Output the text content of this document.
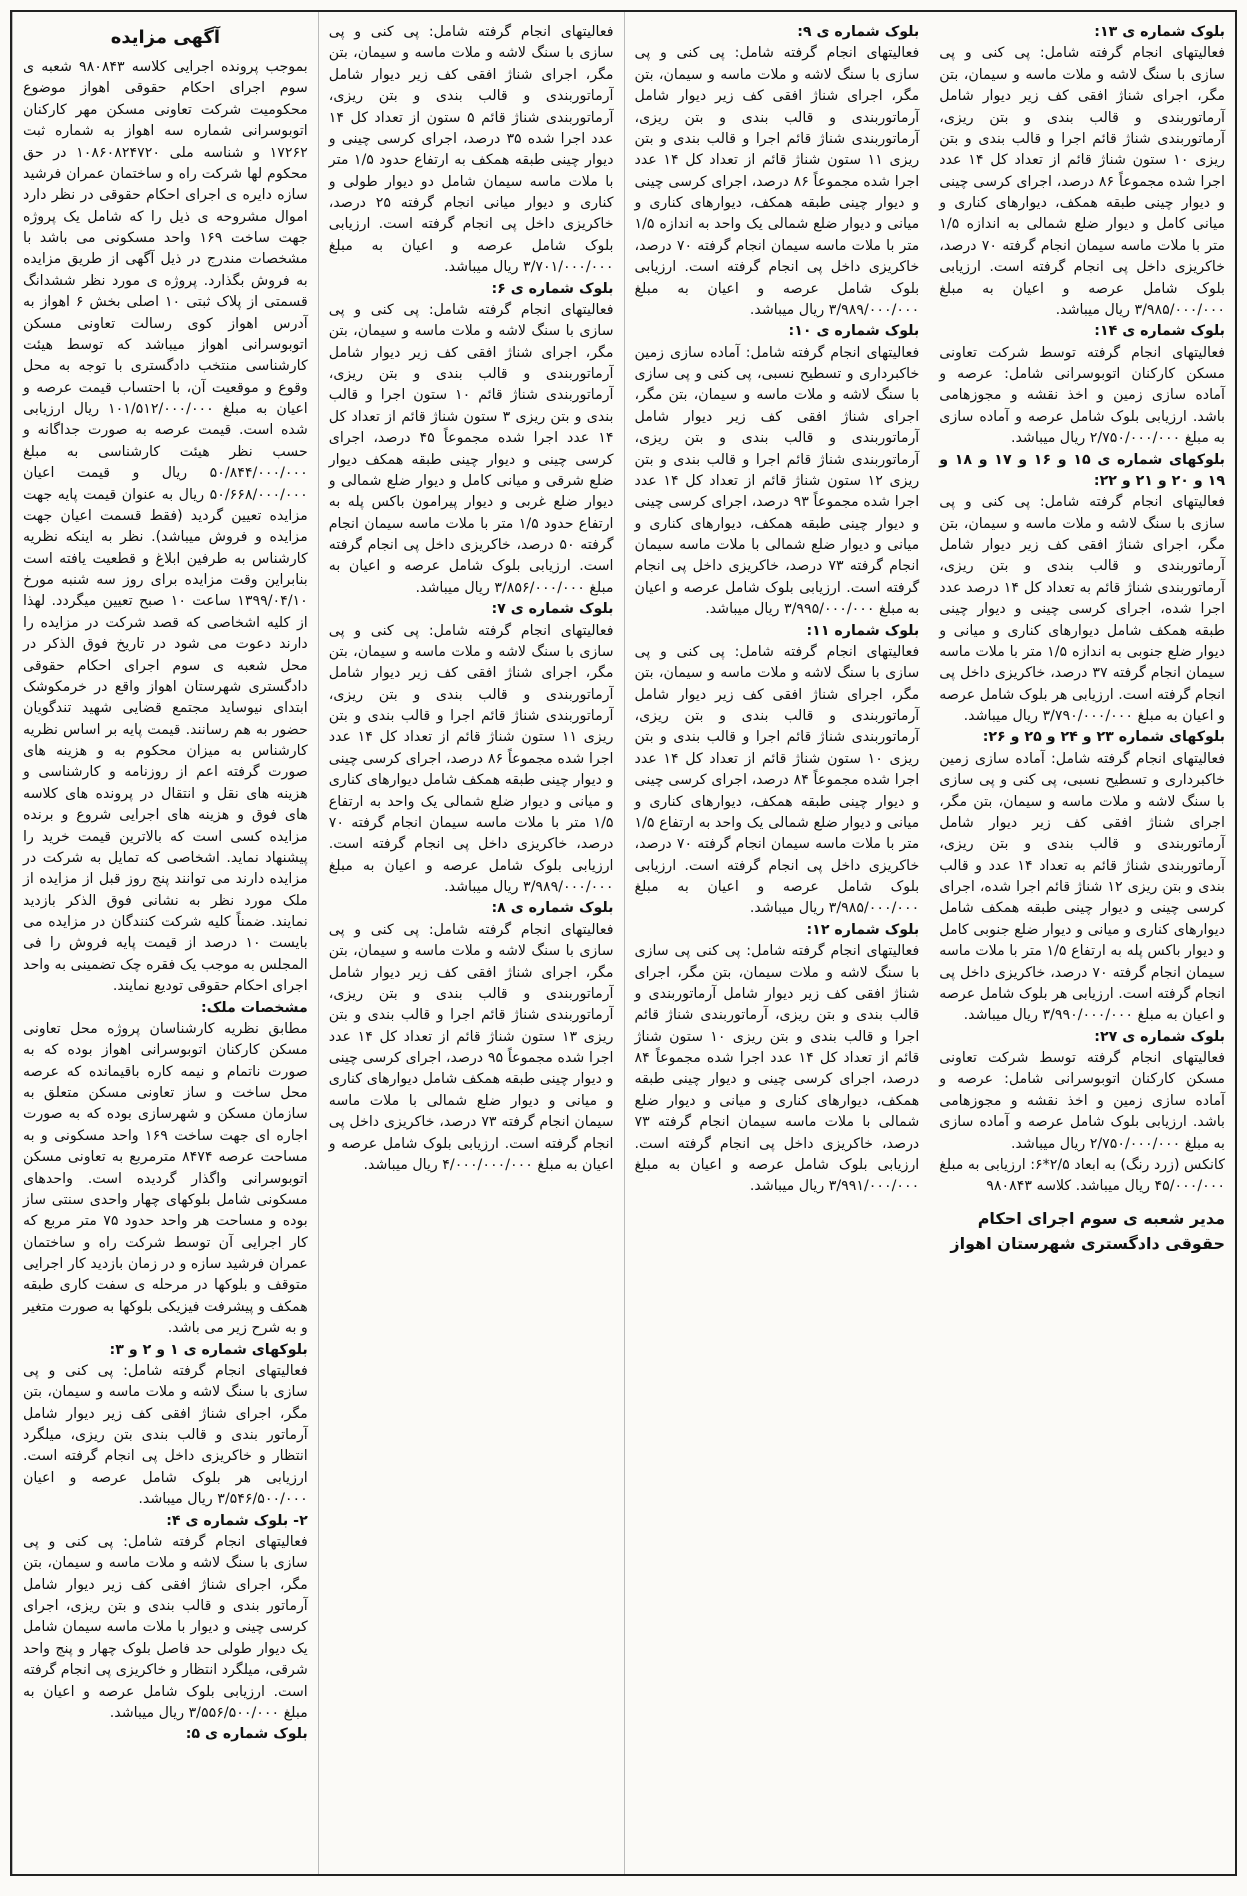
آگهی مزایده

بموجب پرونده اجرایی کلاسه ۹۸۰۸۴۳ شعبه ی سوم اجرای احکام حقوقی اهواز موضوع محکومیت شرکت تعاونی مسکن مهر کارکنان اتوبوسرانی شماره سه اهواز به شماره ثبت ۱۷۲۶۲ و شناسه ملی ۱۰۸۶۰۸۲۴۷۲۰ در حق محکوم لها شرکت راه و ساختمان عمران فرشید سازه دایره ی اجرای احکام حقوقی در نظر دارد اموال مشروحه ی ذیل را که شامل یک پروژه جهت ساخت ۱۶۹ واحد مسکونی می باشد با مشخصات مندرج در ذیل آگهی از طریق مزایده به فروش بگذارد. پروژه ی مورد نظر ششدانگ قسمتی از پلاک ثبتی ۱۰ اصلی بخش ۶ اهواز به آدرس اهواز کوی رسالت تعاونی مسکن اتوبوسرانی اهواز میباشد که توسط هیئت کارشناسی منتخب دادگستری با توجه به محل وقوع و موقعیت آن، با احتساب قیمت عرصه و اعیان به مبلغ ۱۰۱/۵۱۲/۰۰۰/۰۰۰ ریال ارزیابی شده است. قیمت عرصه به صورت جداگانه و حسب نظر هیئت کارشناسی به مبلغ ۵۰/۸۴۴/۰۰۰/۰۰۰ ریال و قیمت اعیان ۵۰/۶۶۸/۰۰۰/۰۰۰ ریال به عنوان قیمت پایه جهت مزایده تعیین گردید (فقط قسمت اعیان جهت مزایده و فروش میباشد). نظر به اینکه نظریه کارشناس به طرفین ابلاغ و قطعیت یافته است بنابراین وقت مزایده برای روز سه شنبه مورخ ۱۳۹۹/۰۴/۱۰ ساعت ۱۰ صبح تعیین میگردد. لهذا از کلیه اشخاصی که قصد شرکت در مزایده را دارند دعوت می شود در تاریخ فوق الذکر در محل شعبه ی سوم اجرای احکام حقوقی دادگستری شهرستان اهواز واقع در خرمکوشک ابتدای نیوساید مجتمع قضایی شهید تندگویان حضور به هم رسانند. قیمت پایه بر اساس نظریه کارشناس به میزان محکوم به و هزینه های صورت گرفته اعم از روزنامه و کارشناسی و هزینه های نقل و انتقال در پرونده های کلاسه های فوق و هزینه های اجرایی شروع و برنده مزایده کسی است که بالاترین قیمت خرید را پیشنهاد نماید. اشخاصی که تمایل به شرکت در مزایده دارند می توانند پنج روز قبل از مزایده از ملک مورد نظر به نشانی فوق الذکر بازدید نمایند. ضمناً کلیه شرکت کنندگان در مزایده می بایست ۱۰ درصد از قیمت پایه فروش را فی المجلس به موجب یک فقره چک تضمینی به واحد اجرای احکام حقوقی تودیع نمایند.

مشخصات ملک:

مطابق نظریه کارشناسان پروژه محل تعاونی مسکن کارکنان اتوبوسرانی اهواز بوده که به صورت ناتمام و نیمه کاره باقیمانده که عرصه محل ساخت و ساز تعاونی مسکن متعلق به سازمان مسکن و شهرسازی بوده که به صورت اجاره ای جهت ساخت ۱۶۹ واحد مسکونی و به مساحت عرصه ۸۴۷۴ مترمربع به تعاونی مسکن اتوبوسرانی واگذار گردیده است. واحدهای مسکونی شامل بلوکهای چهار واحدی سنتی ساز بوده و مساحت هر واحد حدود ۷۵ متر مربع که کار اجرایی آن توسط شرکت راه و ساختمان عمران فرشید سازه و در زمان بازدید کار اجرایی متوقف و بلوکها در مرحله ی سفت کاری طبقه همکف و پیشرفت فیزیکی بلوکها به صورت متغیر و به شرح زیر می باشد.

بلوکهای شماره ی ۱ و ۲ و ۳:

فعالیتهای انجام گرفته شامل: پی کنی و پی سازی با سنگ لاشه و ملات ماسه و سیمان، بتن مگر، اجرای شناژ افقی کف زیر دیوار شامل آرماتور بندی و قالب بندی بتن ریزی، میلگرد انتظار و خاکریزی داخل پی انجام گرفته است. ارزیابی هر بلوک شامل عرصه و اعیان ۳/۵۴۶/۵۰۰/۰۰۰ ریال میباشد.

۲- بلوک شماره ی ۴:

فعالیتهای انجام گرفته شامل: پی کنی و پی سازی با سنگ لاشه و ملات ماسه و سیمان، بتن مگر، اجرای شناژ افقی کف زیر دیوار شامل آرماتور بندی و قالب بندی و بتن ریزی، اجرای کرسی چینی و دیوار با ملات ماسه سیمان شامل یک دیوار طولی حد فاصل بلوک چهار و پنج واحد شرقی، میلگرد انتظار و خاکریزی پی انجام گرفته است. ارزیابی بلوک شامل عرصه و اعیان به مبلغ ۳/۵۵۶/۵۰۰/۰۰۰ ریال میباشد.

بلوک شماره ی ۵:

فعالیتهای انجام گرفته شامل: پی کنی و پی سازی با سنگ لاشه و ملات ماسه و سیمان، بتن مگر، اجرای شناژ افقی کف زیر دیوار شامل آرماتوربندی و قالب بندی و بتن ریزی، آرماتوربندی شناژ قائم ۵ ستون از تعداد کل ۱۴ عدد اجرا شده ۳۵ درصد، اجرای کرسی چینی و دیوار چینی طبقه همکف به ارتفاع حدود ۱/۵ متر با ملات ماسه سیمان شامل دو دیوار طولی و کناری و دیوار میانی انجام گرفته ۲۵ درصد، خاکریزی داخل پی انجام گرفته است. ارزیابی بلوک شامل عرصه و اعیان به مبلغ ۳/۷۰۱/۰۰۰/۰۰۰ ریال میباشد.

بلوک شماره ی ۶:

فعالیتهای انجام گرفته شامل: پی کنی و پی سازی با سنگ لاشه و ملات ماسه و سیمان، بتن مگر، اجرای شناژ افقی کف زیر دیوار شامل آرماتوربندی و قالب بندی و بتن ریزی، آرماتوربندی شناژ قائم ۱۰ ستون اجرا و قالب بندی و بتن ریزی ۳ ستون شناژ قائم از تعداد کل ۱۴ عدد اجرا شده مجموعاً ۴۵ درصد، اجرای کرسی چینی و دیوار چینی طبقه همکف دیوار ضلع شرقی و میانی کامل و دیوار ضلع شمالی و دیوار ضلع غربی و دیوار پیرامون باکس پله به ارتفاع حدود ۱/۵ متر با ملات ماسه سیمان انجام گرفته ۵۰ درصد، خاکریزی داخل پی انجام گرفته است. ارزیابی بلوک شامل عرصه و اعیان به مبلغ ۳/۸۵۶/۰۰۰/۰۰۰ ریال میباشد.

بلوک شماره ی ۷:

فعالیتهای انجام گرفته شامل: پی کنی و پی سازی با سنگ لاشه و ملات ماسه و سیمان، بتن مگر، اجرای شناژ افقی کف زیر دیوار شامل آرماتوربندی و قالب بندی و بتن ریزی، آرماتوربندی شناژ قائم اجرا و قالب بندی و بتن ریزی ۱۱ ستون شناژ قائم از تعداد کل ۱۴ عدد اجرا شده مجموعاً ۸۶ درصد، اجرای کرسی چینی و دیوار چینی طبقه همکف شامل دیوارهای کناری و میانی و دیوار ضلع شمالی یک واحد به ارتفاع ۱/۵ متر با ملات ماسه سیمان انجام گرفته ۷۰ درصد، خاکریزی داخل پی انجام گرفته است. ارزیابی بلوک شامل عرصه و اعیان به مبلغ ۳/۹۸۹/۰۰۰/۰۰۰ ریال میباشد.

بلوک شماره ی ۸:

فعالیتهای انجام گرفته شامل: پی کنی و پی سازی با سنگ لاشه و ملات ماسه و سیمان، بتن مگر، اجرای شناژ افقی کف زیر دیوار شامل آرماتوربندی و قالب بندی و بتن ریزی، آرماتوربندی شناژ قائم اجرا و قالب بندی و بتن ریزی ۱۳ ستون شناژ قائم از تعداد کل ۱۴ عدد اجرا شده مجموعاً ۹۵ درصد، اجرای کرسی چینی و دیوار چینی طبقه همکف شامل دیوارهای کناری و میانی و دیوار ضلع شمالی با ملات ماسه سیمان انجام گرفته ۷۳ درصد، خاکریزی داخل پی انجام گرفته است. ارزیابی بلوک شامل عرصه و اعیان به مبلغ ۴/۰۰۰/۰۰۰/۰۰۰ ریال میباشد.

بلوک شماره ی ۹:

فعالیتهای انجام گرفته شامل: پی کنی و پی سازی با سنگ لاشه و ملات ماسه و سیمان، بتن مگر، اجرای شناژ افقی کف زیر دیوار شامل آرماتوربندی و قالب بندی و بتن ریزی، آرماتوربندی شناژ قائم اجرا و قالب بندی و بتن ریزی ۱۱ ستون شناژ قائم از تعداد کل ۱۴ عدد اجرا شده مجموعاً ۸۶ درصد، اجرای کرسی چینی و دیوار چینی طبقه همکف، دیوارهای کناری و میانی و دیوار ضلع شمالی یک واحد به اندازه ۱/۵ متر با ملات ماسه سیمان انجام گرفته ۷۰ درصد، خاکریزی داخل پی انجام گرفته است. ارزیابی بلوک شامل عرصه و اعیان به مبلغ ۳/۹۸۹/۰۰۰/۰۰۰ ریال میباشد.

بلوک شماره ی ۱۰:

فعالیتهای انجام گرفته شامل: آماده سازی زمین خاکبرداری و تسطیح نسبی، پی کنی و پی سازی با سنگ لاشه و ملات ماسه و سیمان، بتن مگر، اجرای شناژ افقی کف زیر دیوار شامل آرماتوربندی و قالب بندی و بتن ریزی، آرماتوربندی شناژ قائم اجرا و قالب بندی و بتن ریزی ۱۲ ستون شناژ قائم از تعداد کل ۱۴ عدد اجرا شده مجموعاً ۹۳ درصد، اجرای کرسی چینی و دیوار چینی طبقه همکف، دیوارهای کناری و میانی و دیوار ضلع شمالی با ملات ماسه سیمان انجام گرفته ۷۳ درصد، خاکریزی داخل پی انجام گرفته است. ارزیابی بلوک شامل عرصه و اعیان به مبلغ ۳/۹۹۵/۰۰۰/۰۰۰ ریال میباشد.

بلوک شماره ۱۱:

فعالیتهای انجام گرفته شامل: پی کنی و پی سازی با سنگ لاشه و ملات ماسه و سیمان، بتن مگر، اجرای شناژ افقی کف زیر دیوار شامل آرماتوربندی و قالب بندی و بتن ریزی، آرماتوربندی شناژ قائم اجرا و قالب بندی و بتن ریزی ۱۰ ستون شناژ قائم از تعداد کل ۱۴ عدد اجرا شده مجموعاً ۸۴ درصد، اجرای کرسی چینی و دیوار چینی طبقه همکف، دیوارهای کناری و میانی و دیوار ضلع شمالی یک واحد به ارتفاع ۱/۵ متر با ملات ماسه سیمان انجام گرفته ۷۰ درصد، خاکریزی داخل پی انجام گرفته است. ارزیابی بلوک شامل عرصه و اعیان به مبلغ ۳/۹۸۵/۰۰۰/۰۰۰ ریال میباشد.

بلوک شماره ۱۲:

فعالیتهای انجام گرفته شامل: پی کنی پی سازی با سنگ لاشه و ملات سیمان، بتن مگر، اجرای شناژ افقی کف زیر دیوار شامل آرماتوربندی و قالب بندی و بتن ریزی، آرماتوربندی شناژ قائم اجرا و قالب بندی و بتن ریزی ۱۰ ستون شناژ قائم از تعداد کل ۱۴ عدد اجرا شده مجموعاً ۸۴ درصد، اجرای کرسی چینی و دیوار چینی طبقه همکف، دیوارهای کناری و میانی و دیوار ضلع شمالی با ملات ماسه سیمان انجام گرفته ۷۳ درصد، خاکریزی داخل پی انجام گرفته است. ارزیابی بلوک شامل عرصه و اعیان به مبلغ ۳/۹۹۱/۰۰۰/۰۰۰ ریال میباشد.

بلوک شماره ی ۱۳:

فعالیتهای انجام گرفته شامل: پی کنی و پی سازی با سنگ لاشه و ملات ماسه و سیمان، بتن مگر، اجرای شناژ افقی کف زیر دیوار شامل آرماتوربندی و قالب بندی و بتن ریزی، آرماتوربندی شناژ قائم اجرا و قالب بندی و بتن ریزی ۱۰ ستون شناژ قائم از تعداد کل ۱۴ عدد اجرا شده مجموعاً ۸۶ درصد، اجرای کرسی چینی و دیوار چینی طبقه همکف، دیوارهای کناری و میانی کامل و دیوار ضلع شمالی به اندازه ۱/۵ متر با ملات ماسه سیمان انجام گرفته ۷۰ درصد، خاکریزی داخل پی انجام گرفته است. ارزیابی بلوک شامل عرصه و اعیان به مبلغ ۳/۹۸۵/۰۰۰/۰۰۰ ریال میباشد.

بلوک شماره ی ۱۴:

فعالیتهای انجام گرفته توسط شرکت تعاونی مسکن کارکنان اتوبوسرانی شامل: عرصه و آماده سازی زمین و اخذ نقشه و مجوزهامی باشد. ارزیابی بلوک شامل عرصه و آماده سازی به مبلغ ۲/۷۵۰/۰۰۰/۰۰۰ ریال میباشد.

بلوکهای شماره ی ۱۵ و ۱۶ و ۱۷ و ۱۸ و ۱۹ و ۲۰ و ۲۱ و ۲۲:

فعالیتهای انجام گرفته شامل: پی کنی و پی سازی با سنگ لاشه و ملات ماسه و سیمان، بتن مگر، اجرای شناژ افقی کف زیر دیوار شامل آرماتوربندی و قالب بندی و بتن ریزی، آرماتوربندی شناژ قائم به تعداد کل ۱۴ درصد عدد اجرا شده، اجرای کرسی چینی و دیوار چینی طبقه همکف شامل دیوارهای کناری و میانی و دیوار ضلع جنوبی به اندازه ۱/۵ متر با ملات ماسه سیمان انجام گرفته ۳۷ درصد، خاکریزی داخل پی انجام گرفته است. ارزیابی هر بلوک شامل عرصه و اعیان به مبلغ ۳/۷۹۰/۰۰۰/۰۰۰ ریال میباشد.

بلوکهای شماره ۲۳ و ۲۴ و ۲۵ و ۲۶:

فعالیتهای انجام گرفته شامل: آماده سازی زمین خاکبرداری و تسطیح نسبی، پی کنی و پی سازی با سنگ لاشه و ملات ماسه و سیمان، بتن مگر، اجرای شناژ افقی کف زیر دیوار شامل آرماتوربندی و قالب بندی و بتن ریزی، آرماتوربندی شناژ قائم به تعداد ۱۴ عدد و قالب بندی و بتن ریزی ۱۲ شناژ قائم اجرا شده، اجرای کرسی چینی و دیوار چینی طبقه همکف شامل دیوارهای کناری و میانی و دیوار ضلع جنوبی کامل و دیوار باکس پله به ارتفاع ۱/۵ متر با ملات ماسه سیمان انجام گرفته ۷۰ درصد، خاکریزی داخل پی انجام گرفته است. ارزیابی هر بلوک شامل عرصه و اعیان به مبلغ ۳/۹۹۰/۰۰۰/۰۰۰ ریال میباشد.

بلوک شماره ی ۲۷:

فعالیتهای انجام گرفته توسط شرکت تعاونی مسکن کارکنان اتوبوسرانی شامل: عرصه و آماده سازی زمین و اخذ نقشه و مجوزهامی باشد. ارزیابی بلوک شامل عرصه و آماده سازی به مبلغ ۲/۷۵۰/۰۰۰/۰۰۰ ریال میباشد.

کانکس (زرد رنگ) به ابعاد ۲/۵*۶: ارزیابی به مبلغ ۴۵/۰۰۰/۰۰۰ ریال میباشد. کلاسه ۹۸۰۸۴۳

مدیر شعبه ی سوم اجرای احکام حقوقی دادگستری شهرستان اهواز
